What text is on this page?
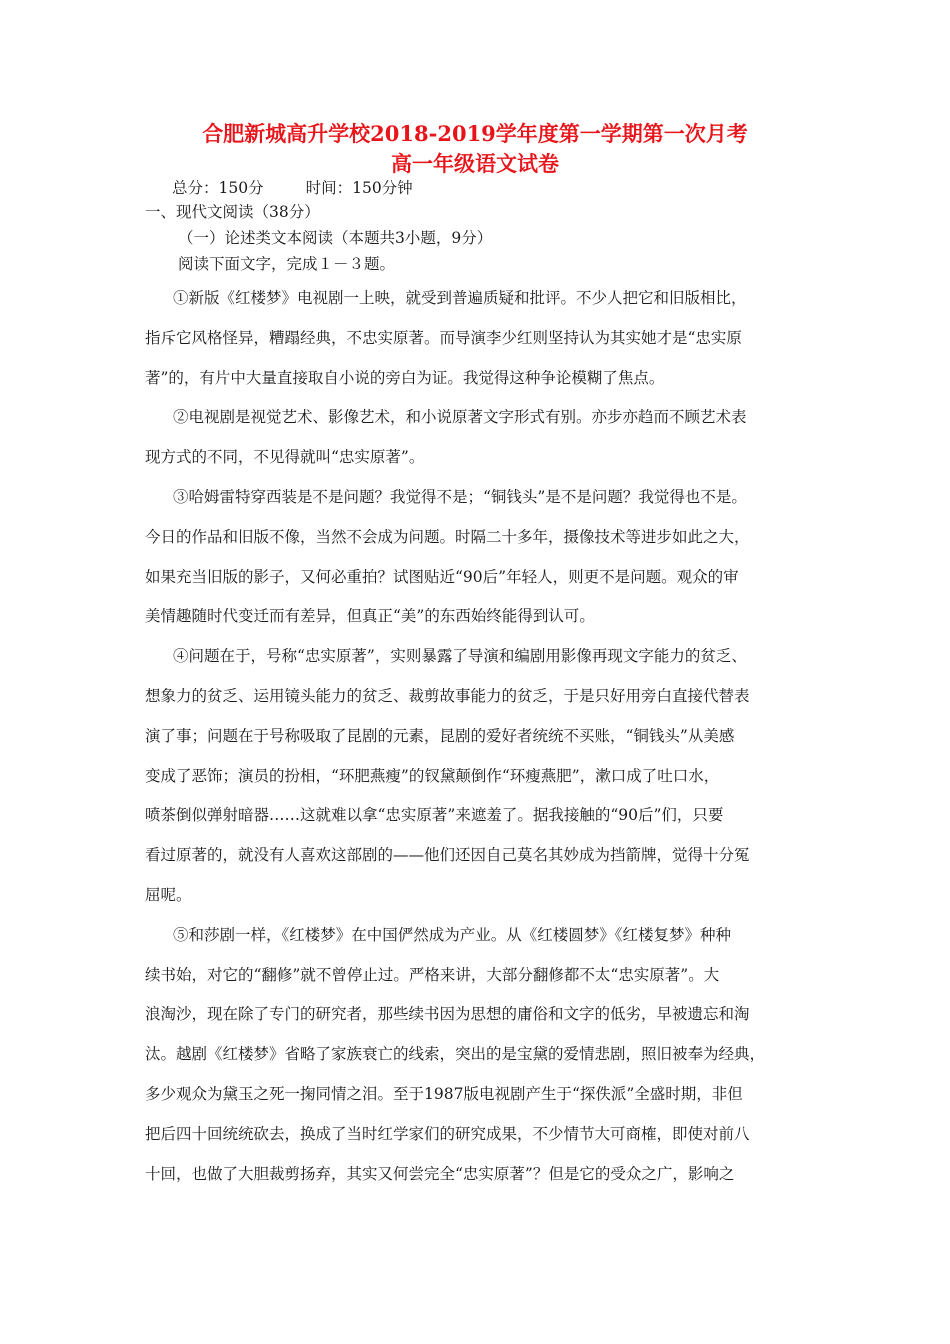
合肥新城高升学校2018-2019学年度第一学期第一次月考
高一年级语文试卷
总分：150分	时间：150分钟
一、现代文阅读（38分）
（一）论述类文本阅读（本题共3小题，9分）
阅读下面文字，完成１－３题。
①新版《红楼梦》电视剧一上映，就受到普遍质疑和批评。不少人把它和旧版相比，
指斥它风格怪异，糟蹋经典，不忠实原著。而导演李少红则坚持认为其实她才是“忠实原
著”的，有片中大量直接取自小说的旁白为证。我觉得这种争论模糊了焦点。
②电视剧是视觉艺术、影像艺术，和小说原著文字形式有别。亦步亦趋而不顾艺术表
现方式的不同，不见得就叫“忠实原著”。
③哈姆雷特穿西装是不是问题？我觉得不是；“铜钱头”是不是问题？我觉得也不是。
今日的作品和旧版不像，当然不会成为问题。时隔二十多年，摄像技术等进步如此之大，
如果充当旧版的影子，又何必重拍？试图贴近“90后”年轻人，则更不是问题。观众的审
美情趣随时代变迁而有差异，但真正“美”的东西始终能得到认可。
④问题在于，号称“忠实原著”，实则暴露了导演和编剧用影像再现文字能力的贫乏、
想象力的贫乏、运用镜头能力的贫乏、裁剪故事能力的贫乏，于是只好用旁白直接代替表
演了事；问题在于号称吸取了昆剧的元素，昆剧的爱好者统统不买账，“铜钱头”从美感
变成了恶饰；演员的扮相，“环肥燕瘦”的钗黛颠倒作“环瘦燕肥”，漱口成了吐口水，
喷茶倒似弹射暗器……这就难以拿“忠实原著”来遮羞了。据我接触的“90后”们，只要
看过原著的，就没有人喜欢这部剧的——他们还因自己莫名其妙成为挡箭牌，觉得十分冤
屈呢。
⑤和莎剧一样，《红楼梦》在中国俨然成为产业。从《红楼圆梦》《红楼复梦》种种
续书始，对它的“翻修”就不曾停止过。严格来讲，大部分翻修都不太“忠实原著”。大
浪淘沙，现在除了专门的研究者，那些续书因为思想的庸俗和文字的低劣，早被遗忘和淘
汰。越剧《红楼梦》省略了家族衰亡的线索，突出的是宝黛的爱情悲剧，照旧被奉为经典，
多少观众为黛玉之死一掬同情之泪。至于1987版电视剧产生于“探佚派”全盛时期，非但
把后四十回统统砍去，换成了当时红学家们的研究成果，不少情节大可商榷，即使对前八
十回，也做了大胆裁剪扬弃，其实又何尝完全“忠实原著”？但是它的受众之广，影响之
